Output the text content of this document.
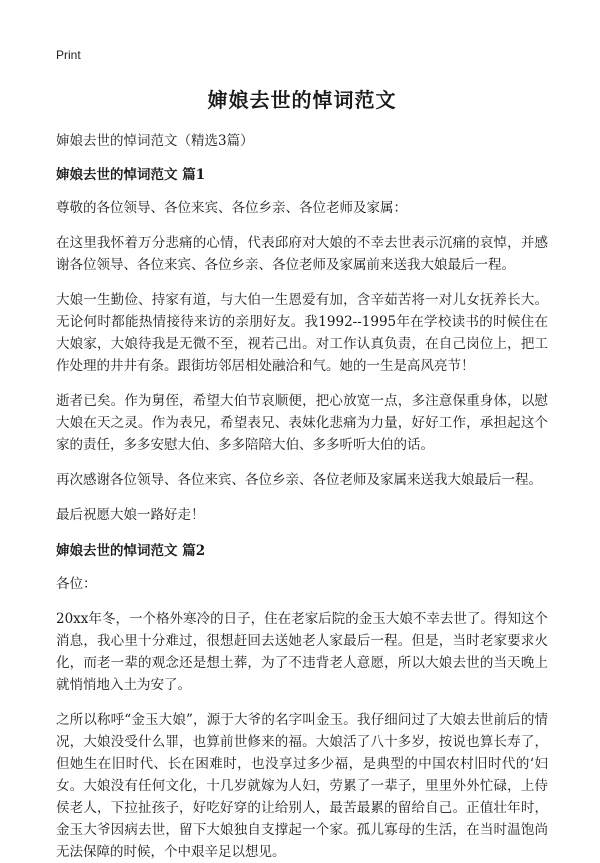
Print
婶娘去世的悼词范文
婶娘去世的悼词范文（精选3篇）
婶娘去世的悼词范文 篇1

尊敬的各位领导、各位来宾、各位乡亲、各位老师及家属：

在这里我怀着万分悲痛的心情，代表邱府对大娘的不幸去世表示沉痛的哀悼，并感谢各位领导、各位来宾、各位乡亲、各位老师及家属前来送我大娘最后一程。

大娘一生勤俭、持家有道，与大伯一生恩爱有加，含辛茹苦将一对儿女抚养长大。无论何时都能热情接待来访的亲朋好友。我1992--1995年在学校读书的时候住在大娘家，大娘待我是无微不至，视若己出。对工作认真负责，在自己岗位上，把工作处理的井井有条。跟街坊邻居相处融洽和气。她的一生是高风亮节！

逝者已矣。作为舅侄，希望大伯节哀顺便，把心放宽一点，多注意保重身体，以慰大娘在天之灵。作为表兄，希望表兄、表妹化悲痛为力量，好好工作，承担起这个家的责任，多多安慰大伯、多多陪陪大伯、多多听听大伯的话。

再次感谢各位领导、各位来宾、各位乡亲、各位老师及家属来送我大娘最后一程。

最后祝愿大娘一路好走！

婶娘去世的悼词范文 篇2

各位：

20xx年冬，一个格外寒冷的日子，住在老家后院的金玉大娘不幸去世了。得知这个消息，我心里十分难过，很想赶回去送她老人家最后一程。但是，当时老家要求火化，而老一辈的观念还是想土葬，为了不违背老人意愿，所以大娘去世的当天晚上就悄悄地入土为安了。

之所以称呼“金玉大娘”，源于大爷的名字叫金玉。我仔细问过了大娘去世前后的情况，大娘没受什么罪，也算前世修来的福。大娘活了八十多岁，按说也算长寿了，但她生在旧时代、长在困难时，也没享过多少福，是典型的中国农村旧时代的‘妇女。大娘没有任何文化，十几岁就嫁为人妇，劳累了一辈子，里里外外忙碌，上侍侯老人，下拉扯孩子，好吃好穿的让给别人，最苦最累的留给自己。正值壮年时，金玉大爷因病去世，留下大娘独自支撑起一个家。孤儿寡母的生活，在当时温饱尚无法保障的时候，个中艰辛足以想见。
